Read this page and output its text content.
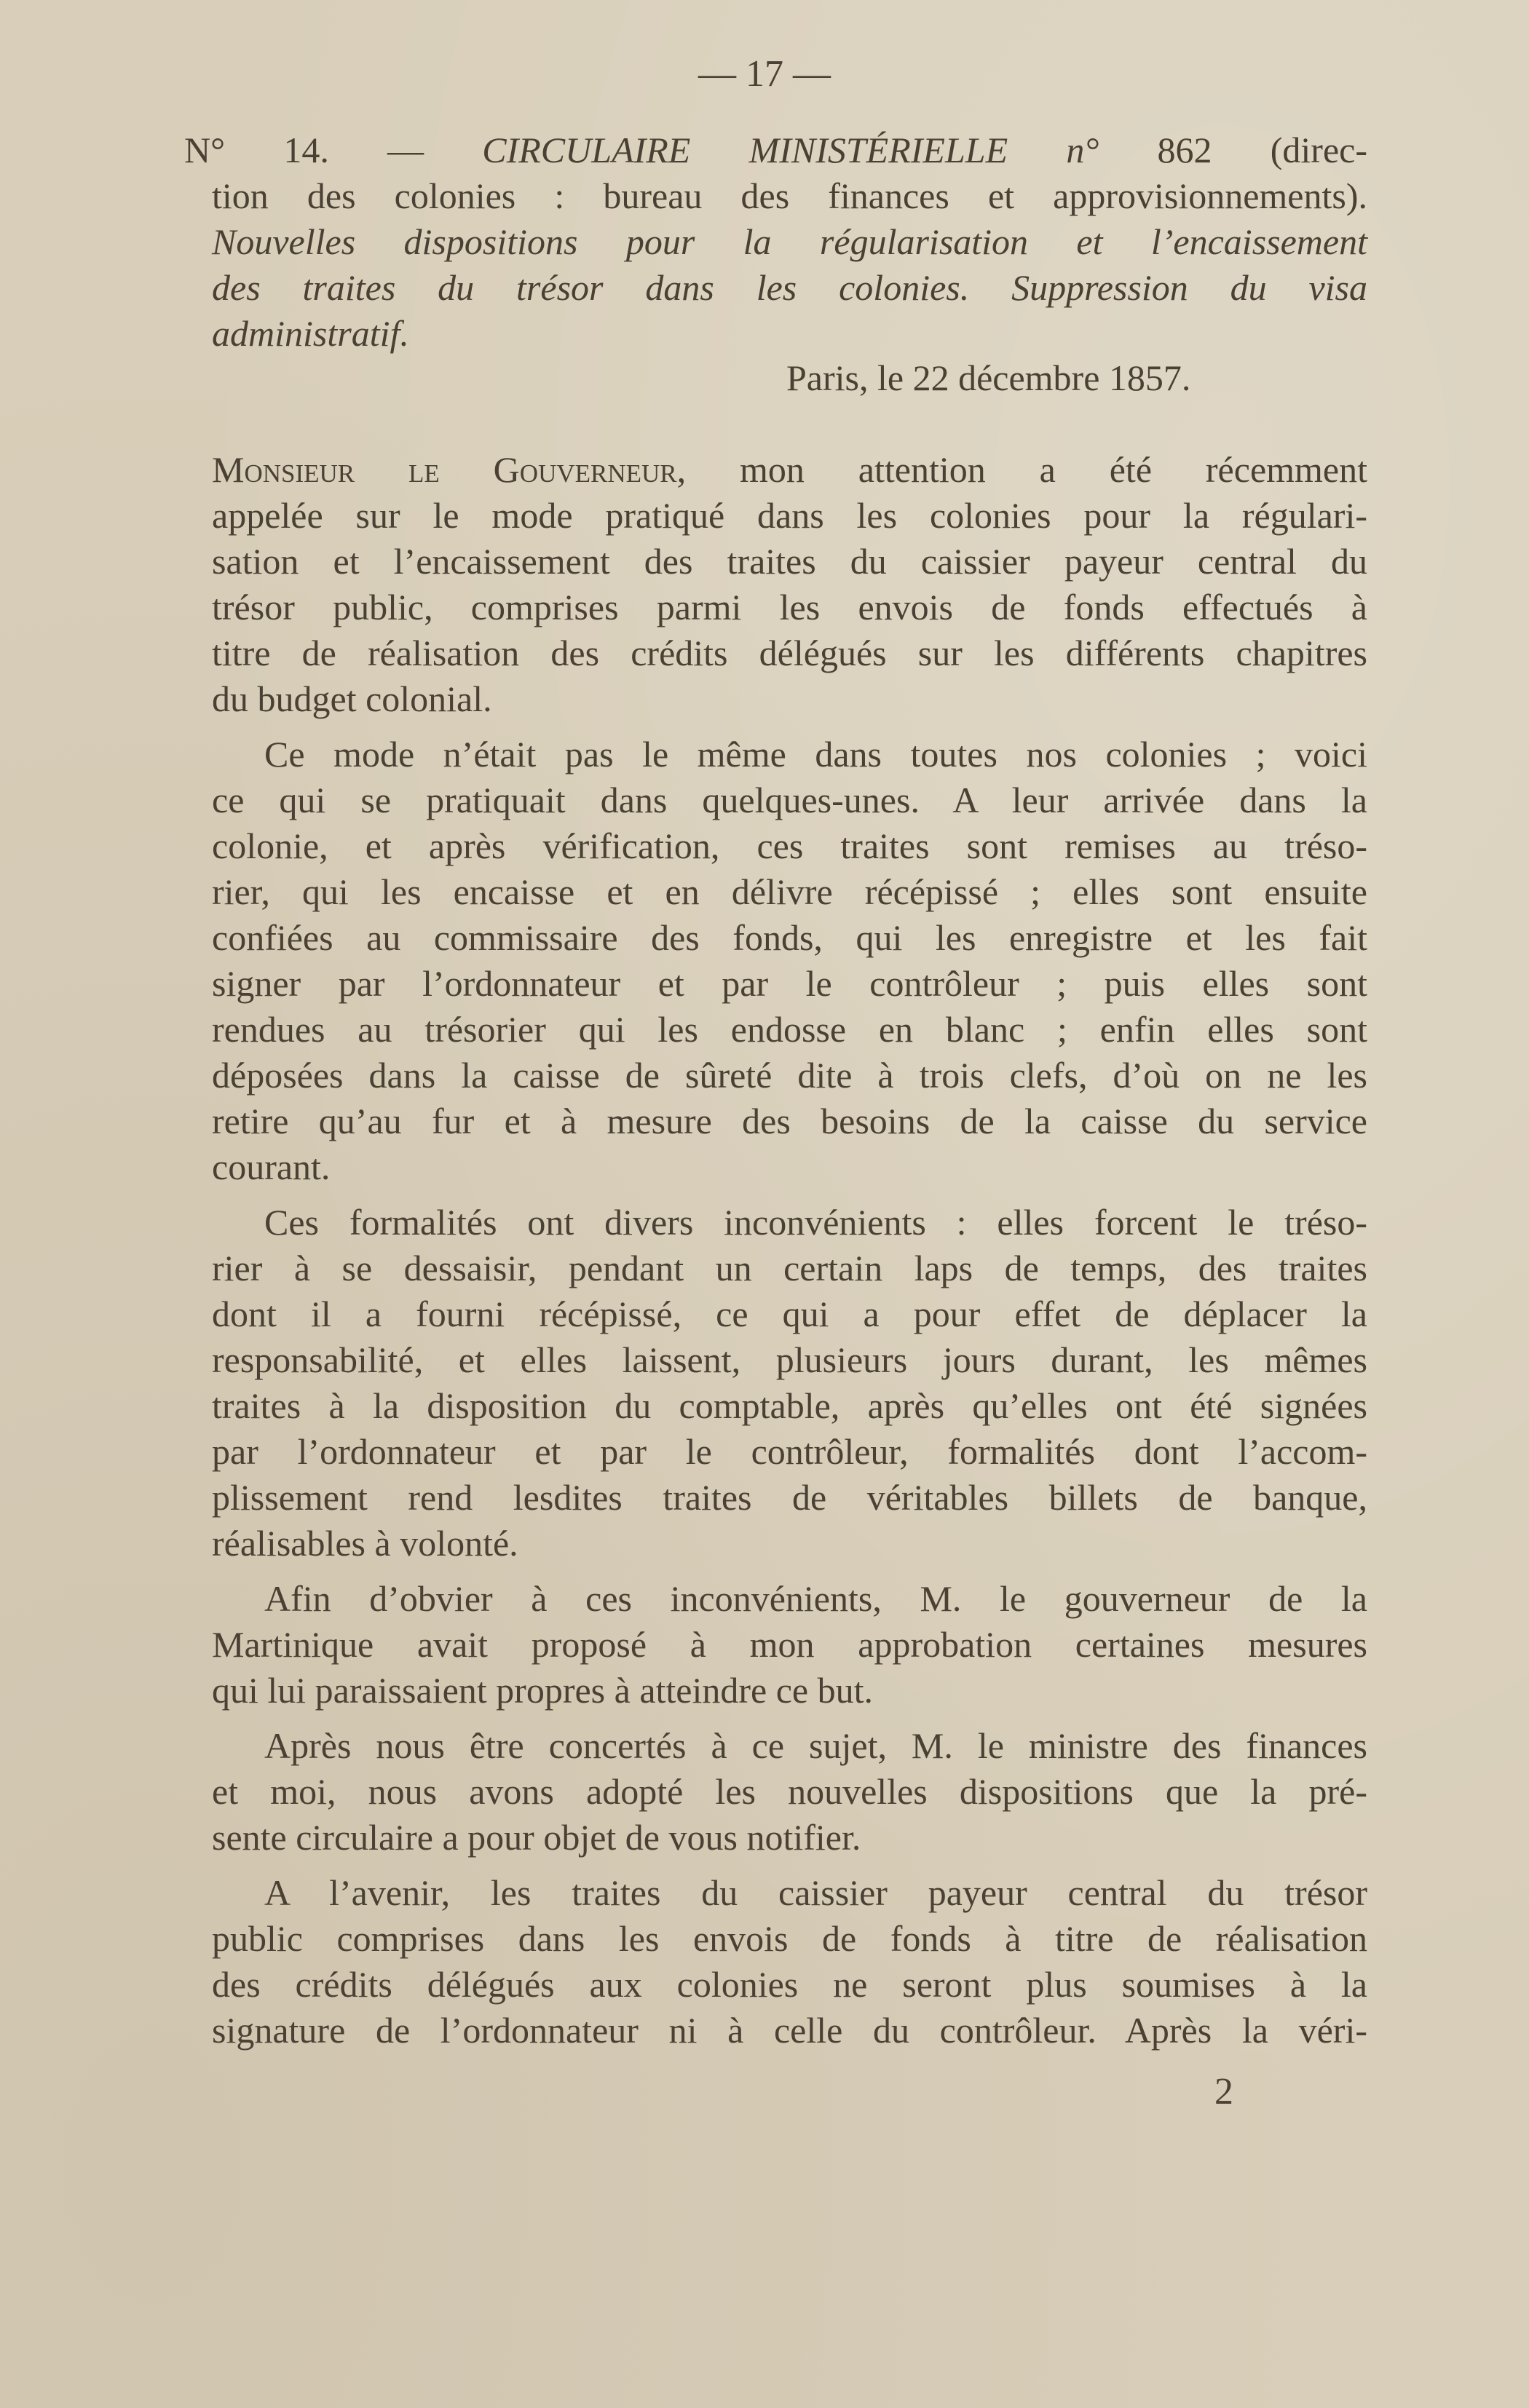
— 17 —
N° 14. — CIRCULAIRE MINISTÉRIELLE n° 862 (direc-
tion des colonies : bureau des finances et approvisionnements).
Nouvelles dispositions pour la régularisation et l’encaissement
des traites du trésor dans les colonies. Suppression du visa
administratif.
Paris, le 22 décembre 1857.
Monsieur le Gouverneur, mon attention a été récemment
appelée sur le mode pratiqué dans les colonies pour la régulari-
sation et l’encaissement des traites du caissier payeur central du
trésor public, comprises parmi les envois de fonds effectués à
titre de réalisation des crédits délégués sur les différents chapitres
du budget colonial.
Ce mode n’était pas le même dans toutes nos colonies ; voici
ce qui se pratiquait dans quelques-unes. A leur arrivée dans la
colonie, et après vérification, ces traites sont remises au tréso-
rier, qui les encaisse et en délivre récépissé ; elles sont ensuite
confiées au commissaire des fonds, qui les enregistre et les fait
signer par l’ordonnateur et par le contrôleur ; puis elles sont
rendues au trésorier qui les endosse en blanc ; enfin elles sont
déposées dans la caisse de sûreté dite à trois clefs, d’où on ne les
retire qu’au fur et à mesure des besoins de la caisse du service
courant.
Ces formalités ont divers inconvénients : elles forcent le tréso-
rier à se dessaisir, pendant un certain laps de temps, des traites
dont il a fourni récépissé, ce qui a pour effet de déplacer la
responsabilité, et elles laissent, plusieurs jours durant, les mêmes
traites à la disposition du comptable, après qu’elles ont été signées
par l’ordonnateur et par le contrôleur, formalités dont l’accom-
plissement rend lesdites traites de véritables billets de banque,
réalisables à volonté.
Afin d’obvier à ces inconvénients, M. le gouverneur de la
Martinique avait proposé à mon approbation certaines mesures
qui lui paraissaient propres à atteindre ce but.
Après nous être concertés à ce sujet, M. le ministre des finances
et moi, nous avons adopté les nouvelles dispositions que la pré-
sente circulaire a pour objet de vous notifier.
A l’avenir, les traites du caissier payeur central du trésor
public comprises dans les envois de fonds à titre de réalisation
des crédits délégués aux colonies ne seront plus soumises à la
signature de l’ordonnateur ni à celle du contrôleur. Après la véri-
2
